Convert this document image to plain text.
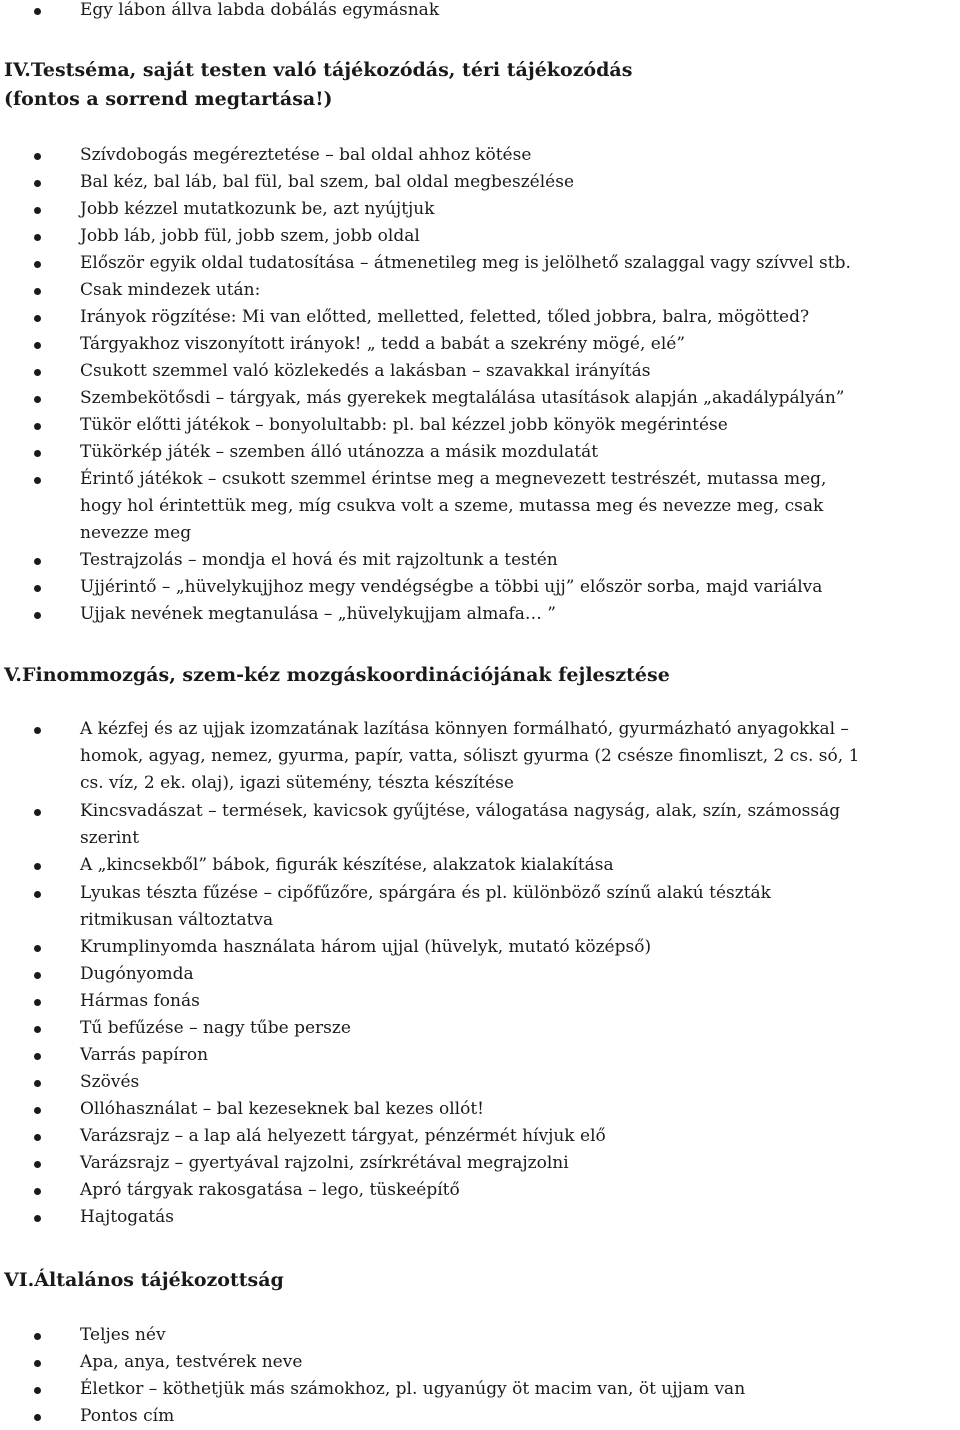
Egy lábon állva labda dobálás egymásnak
IV.Testséma, saját testen való tájékozódás, téri tájékozódás
(fontos a sorrend megtartása!)
Szívdobogás megéreztetése – bal oldal ahhoz kötése
Bal kéz, bal láb, bal fül, bal szem, bal oldal megbeszélése
Jobb kézzel mutatkozunk be, azt nyújtjuk
Jobb láb, jobb fül, jobb szem, jobb oldal
Először egyik oldal tudatosítása – átmenetileg meg is jelölhető szalaggal vagy szívvel stb.
Csak mindezek után:
Irányok rögzítése: Mi van előtted, melletted, feletted, tőled jobbra, balra, mögötted?
Tárgyakhoz viszonyított irányok! „ tedd a babát a szekrény mögé, elé”
Csukott szemmel való közlekedés a lakásban – szavakkal irányítás
Szembekötősdi – tárgyak, más gyerekek megtalálása utasítások alapján „akadálypályán”
Tükör előtti játékok – bonyolultabb: pl. bal kézzel jobb könyök megérintése
Tükörkép játék – szemben álló utánozza a másik mozdulatát
Érintő játékok – csukott szemmel érintse meg a megnevezett testrészét, mutassa meg,
hogy hol érintettük meg, míg csukva volt a szeme, mutassa meg és nevezze meg, csak
nevezze meg
Testrajzolás – mondja el hová és mit rajzoltunk a testén
Ujjérintő – „hüvelykujjhoz megy vendégségbe a többi ujj” először sorba, majd variálva
Ujjak nevének megtanulása – „hüvelykujjam almafa… ”
V.Finommozgás, szem-kéz mozgáskoordinációjának fejlesztése
A kézfej és az ujjak izomzatának lazítása könnyen formálható, gyurmázható anyagokkal –
homok, agyag, nemez, gyurma, papír, vatta, sóliszt gyurma (2 csésze finomliszt, 2 cs. só, 1
cs. víz, 2 ek. olaj), igazi sütemény, tészta készítése
Kincsvadászat – termések, kavicsok gyűjtése, válogatása nagyság, alak, szín, számosság
szerint
A „kincsekből” bábok, figurák készítése, alakzatok kialakítása
Lyukas tészta fűzése – cipőfűzőre, spárgára és pl. különböző színű alakú tészták
ritmikusan változtatva
Krumplinyomda használata három ujjal (hüvelyk, mutató középső)
Dugónyomda
Hármas fonás
Tű befűzése – nagy tűbe persze
Varrás papíron
Szövés
Ollóhasználat – bal kezeseknek bal kezes ollót!
Varázsrajz – a lap alá helyezett tárgyat, pénzérmét hívjuk elő
Varázsrajz – gyertyával rajzolni, zsírkrétával megrajzolni
Apró tárgyak rakosgatása – lego, tüskeépítő
Hajtogatás
VI.Általános tájékozottság
Teljes név
Apa, anya, testvérek neve
Életkor – köthetjük más számokhoz, pl. ugyanúgy öt macim van, öt ujjam van
Pontos cím
